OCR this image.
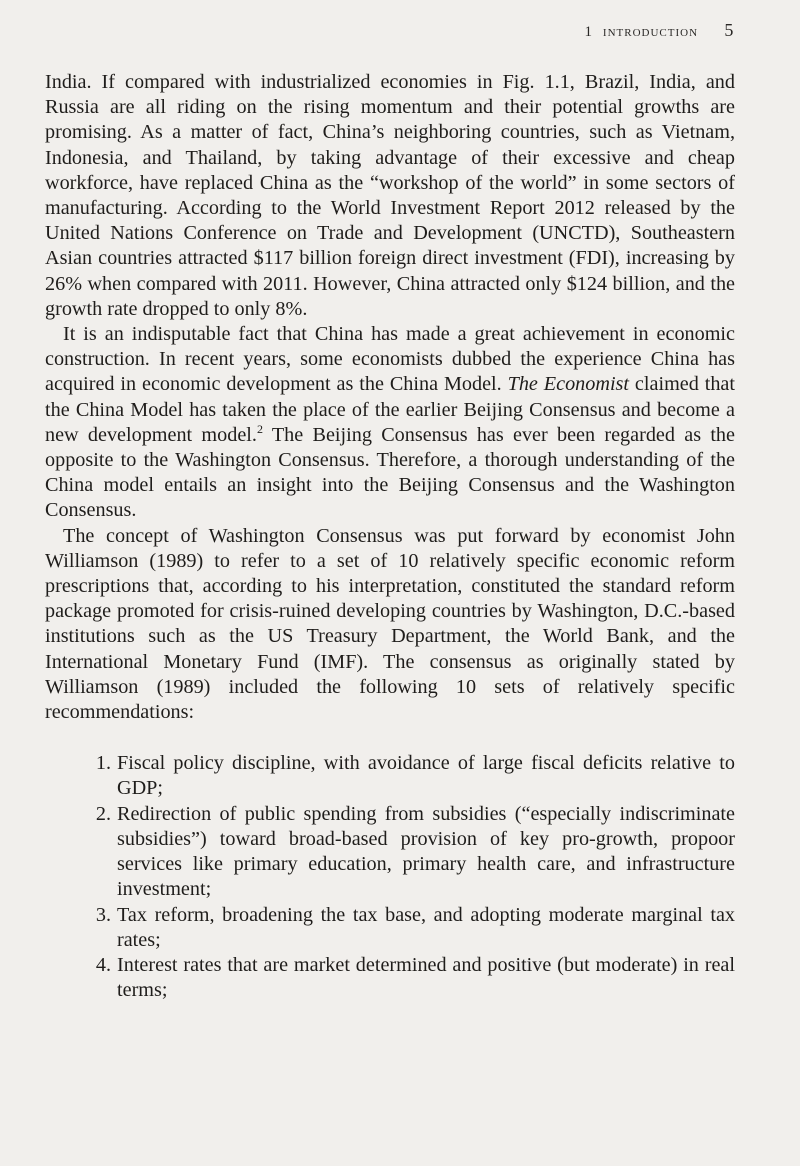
1 introduction 5

India. If compared with industrialized economies in Fig. 1.1, Brazil, India, and Russia are all riding on the rising momentum and their potential growths are promising. As a matter of fact, China’s neighboring countries, such as Vietnam, Indonesia, and Thailand, by taking advantage of their excessive and cheap workforce, have replaced China as the “workshop of the world” in some sectors of manufacturing. According to the World Investment Report 2012 released by the United Nations Conference on Trade and Development (UNCTD), Southeastern Asian countries attracted $117 billion foreign direct investment (FDI), increasing by 26% when compared with 2011. However, China attracted only $124 billion, and the growth rate dropped to only 8%.

It is an indisputable fact that China has made a great achievement in economic construction. In recent years, some economists dubbed the experience China has acquired in economic development as the China Model. The Economist claimed that the China Model has taken the place of the earlier Beijing Consensus and become a new development model.$^2$ The Beijing Consensus has ever been regarded as the opposite to the Washington Consensus. Therefore, a thorough understanding of the China model entails an insight into the Beijing Consensus and the Washington Consensus.

The concept of Washington Consensus was put forward by economist John Williamson (1989) to refer to a set of 10 relatively specific economic reform prescriptions that, according to his interpretation, constituted the standard reform package promoted for crisis-ruined developing countries by Washington, D.C.-based institutions such as the US Treasury Department, the World Bank, and the International Monetary Fund (IMF). The consensus as originally stated by Williamson (1989) included the following 10 sets of relatively specific recommendations:

1. Fiscal policy discipline, with avoidance of large fiscal deficits relative to GDP;
2. Redirection of public spending from subsidies (“especially indiscriminate subsidies”) toward broad-based provision of key pro-growth, propoor services like primary education, primary health care, and infrastructure investment;
3. Tax reform, broadening the tax base, and adopting moderate marginal tax rates;
4. Interest rates that are market determined and positive (but moderate) in real terms;
